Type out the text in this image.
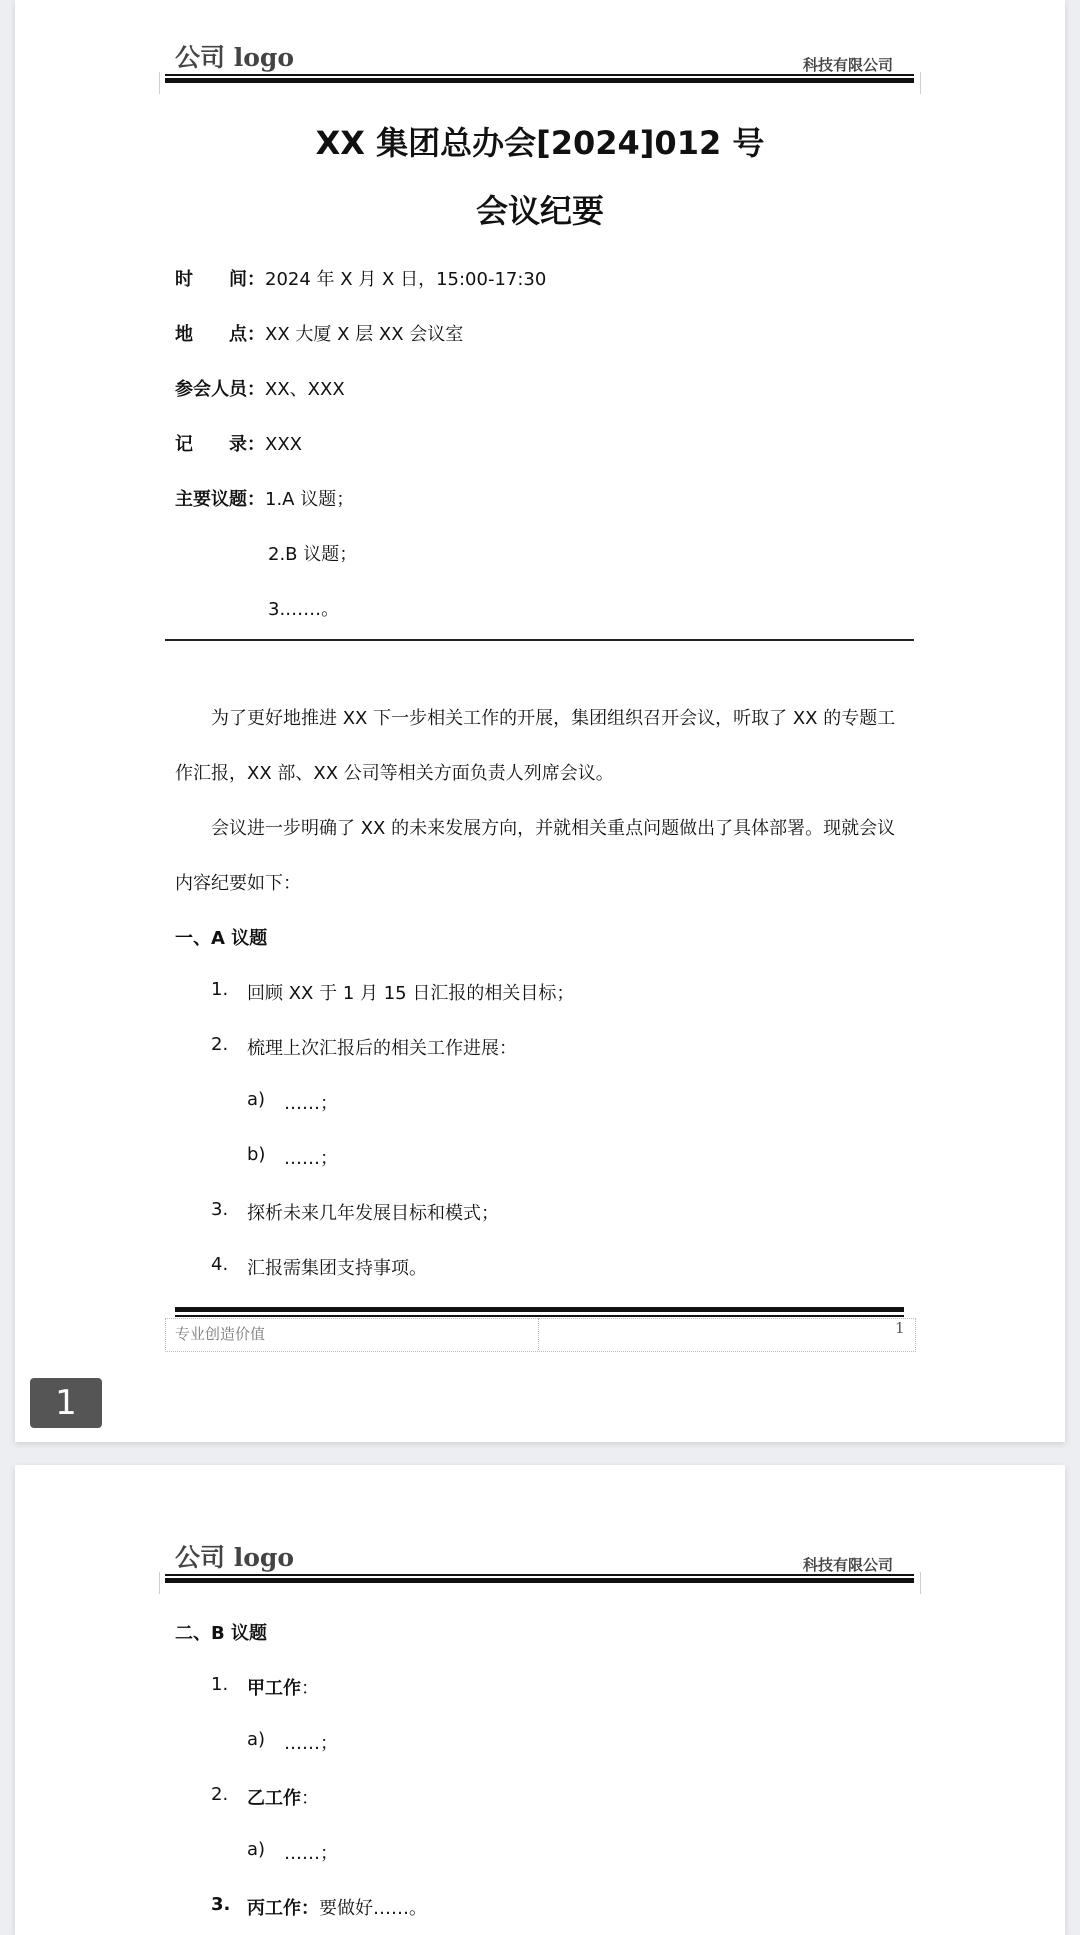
公司 logo	科技有限公司
XX 集团总办会[2024]012 号
会议纪要
时　　间：2024 年 X 月 X 日，15:00-17:30
地　　点：XX 大厦 X 层 XX 会议室
参会人员：XX、XXX
记　　录：XXX
主要议题：1.A 议题；
2.B 议题；
3.……。
为了更好地推进 XX 下一步相关工作的开展，集团组织召开会议，听取了 XX 的专题工
作汇报，XX 部、XX 公司等相关方面负责人列席会议。
会议进一步明确了 XX 的未来发展方向，并就相关重点问题做出了具体部署。现就会议
内容纪要如下：
一、A 议题
1. 回顾 XX 于 1 月 15 日汇报的相关目标；
2. 梳理上次汇报后的相关工作进展：
a) ……；
b) ……；
3. 探析未来几年发展目标和模式；
4. 汇报需集团支持事项。
专业创造价值	1
1
公司 logo	科技有限公司
二、B 议题
1. 甲工作：
a) ……；
2. 乙工作：
a) ……；
3. 丙工作：要做好……。
